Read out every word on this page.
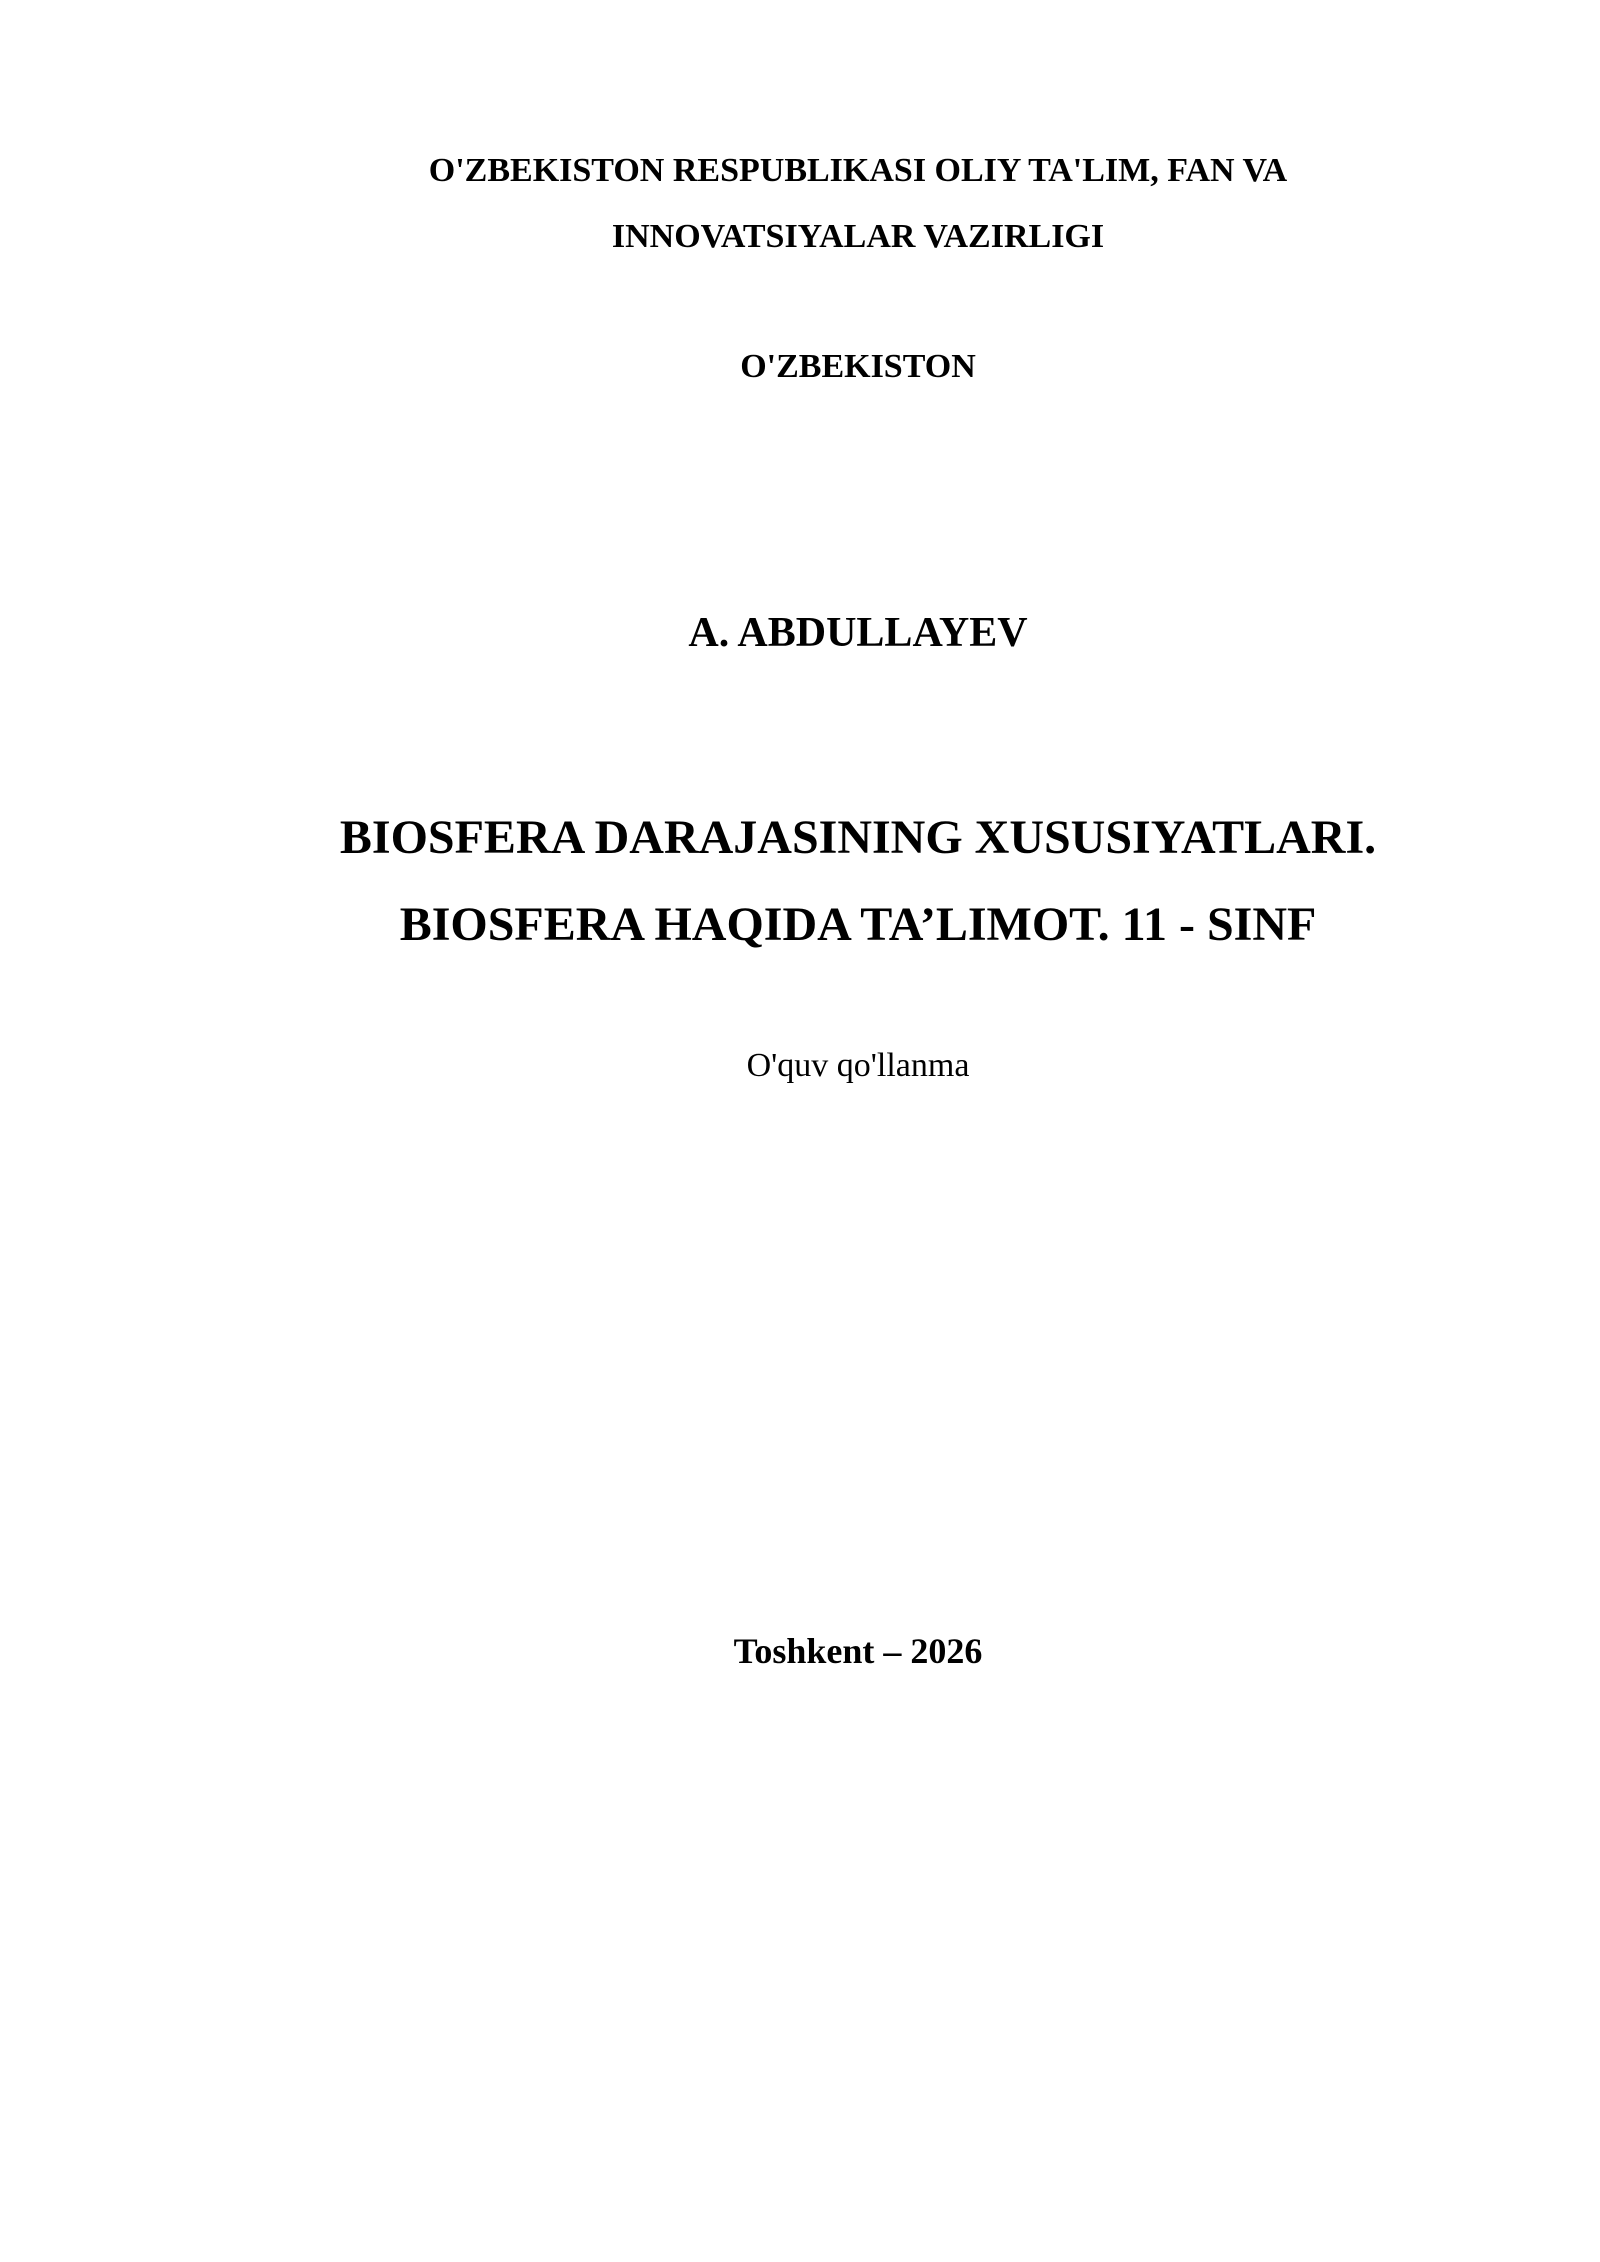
O'ZBEKISTON RESPUBLIKASI OLIY TA'LIM, FAN VA
INNOVATSIYALAR VAZIRLIGI
O'ZBEKISTON
A. ABDULLAYEV
BIOSFERA DARAJASINING XUSUSIYATLARI.
BIOSFERA HAQIDA TA’LIMOT. 11 - SINF
O'quv qo'llanma
Toshkent – 2026
